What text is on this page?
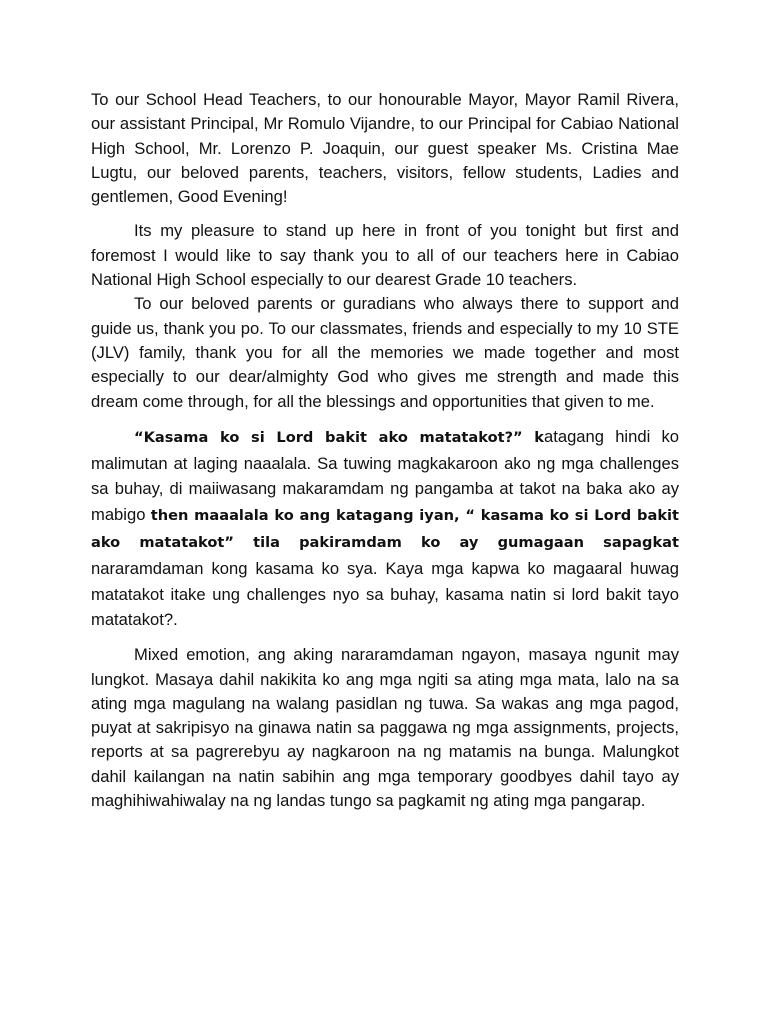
To our School Head Teachers, to our honourable Mayor, Mayor Ramil Rivera, our assistant Principal, Mr Romulo Vijandre, to our Principal for Cabiao National High School, Mr. Lorenzo P. Joaquin, our guest speaker Ms. Cristina Mae Lugtu, our beloved parents, teachers, visitors, fellow students, Ladies and gentlemen, Good Evening!

Its my pleasure to stand up here in front of you tonight but first and foremost I would like to say thank you to all of our teachers here in Cabiao National High School especially to our dearest Grade 10 teachers.

To our beloved parents or guradians who always there to support and guide us, thank you po. To our classmates, friends and especially to my 10 STE (JLV) family, thank you for all the memories we made together and most especially to our dear/almighty God who gives me strength and made this dream come through, for all the blessings and opportunities that given to me.

“Kasama ko si Lord bakit ako matatakot?” katagang hindi ko malimutan at laging naaalala. Sa tuwing magkakaroon ako ng mga challenges sa buhay, di maiiwasang makaramdam ng pangamba at takot na baka ako ay mabigo then maaalala ko ang katagang iyan, “ kasama ko si Lord bakit ako matatakot” tila pakiramdam ko ay gumagaan sapagkat nararamdaman kong kasama ko sya. Kaya mga kapwa ko magaaral huwag matatakot itake ung challenges nyo sa buhay, kasama natin si lord bakit tayo matatakot?.

Mixed emotion, ang aking nararamdaman ngayon, masaya ngunit may lungkot. Masaya dahil nakikita ko ang mga ngiti sa ating mga mata, lalo na sa ating mga magulang na walang pasidlan ng tuwa. Sa wakas ang mga pagod, puyat at sakripisyo na ginawa natin sa paggawa ng mga assignments, projects, reports at sa pagrerebyu ay nagkaroon na ng matamis na bunga. Malungkot dahil kailangan na natin sabihin ang mga temporary goodbyes dahil tayo ay maghihiwahiwalay na ng landas tungo sa pagkamit ng ating mga pangarap.
